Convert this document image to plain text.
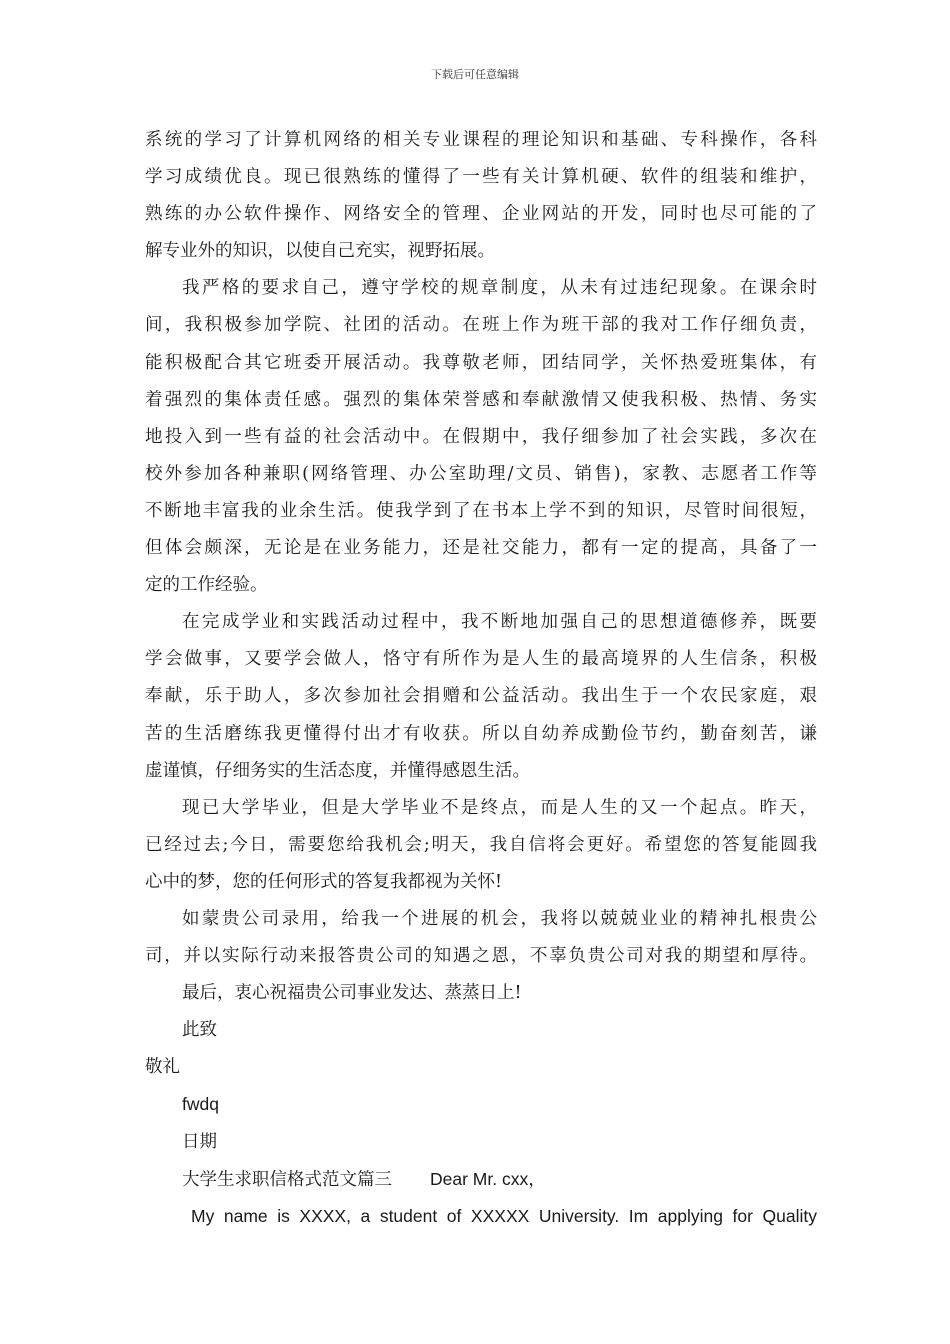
下载后可任意编辑
系统的学习了计算机网络的相关专业课程的理论知识和基础、专科操作，各科
学习成绩优良。现已很熟练的懂得了一些有关计算机硬、软件的组装和维护，
熟练的办公软件操作、网络安全的管理、企业网站的开发，同时也尽可能的了
解专业外的知识，以使自己充实，视野拓展。
我严格的要求自己，遵守学校的规章制度，从未有过违纪现象。在课余时
间，我积极参加学院、社团的活动。在班上作为班干部的我对工作仔细负责，
能积极配合其它班委开展活动。我尊敬老师，团结同学，关怀热爱班集体，有
着强烈的集体责任感。强烈的集体荣誉感和奉献激情又使我积极、热情、务实
地投入到一些有益的社会活动中。在假期中，我仔细参加了社会实践，多次在
校外参加各种兼职(网络管理、办公室助理/文员、销售)，家教、志愿者工作等
不断地丰富我的业余生活。使我学到了在书本上学不到的知识，尽管时间很短，
但体会颇深，无论是在业务能力，还是社交能力，都有一定的提高，具备了一
定的工作经验。
在完成学业和实践活动过程中，我不断地加强自己的思想道德修养，既要
学会做事，又要学会做人，恪守有所作为是人生的最高境界的人生信条，积极
奉献，乐于助人，多次参加社会捐赠和公益活动。我出生于一个农民家庭，艰
苦的生活磨练我更懂得付出才有收获。所以自幼养成勤俭节约，勤奋刻苦，谦
虚谨慎，仔细务实的生活态度，并懂得感恩生活。
现已大学毕业，但是大学毕业不是终点，而是人生的又一个起点。昨天，
已经过去;今日，需要您给我机会;明天，我自信将会更好。希望您的答复能圆我
心中的梦，您的任何形式的答复我都视为关怀!
如蒙贵公司录用，给我一个进展的机会，我将以兢兢业业的精神扎根贵公
司，并以实际行动来报答贵公司的知遇之恩，不辜负贵公司对我的期望和厚待。
最后，衷心祝福贵公司事业发达、蒸蒸日上!
此致
敬礼
fwdq
日期
大学生求职信格式范文篇三 Dear Mr. cxx，
My name is XXXX, a student of XXXXX University. Im applying for Quality
